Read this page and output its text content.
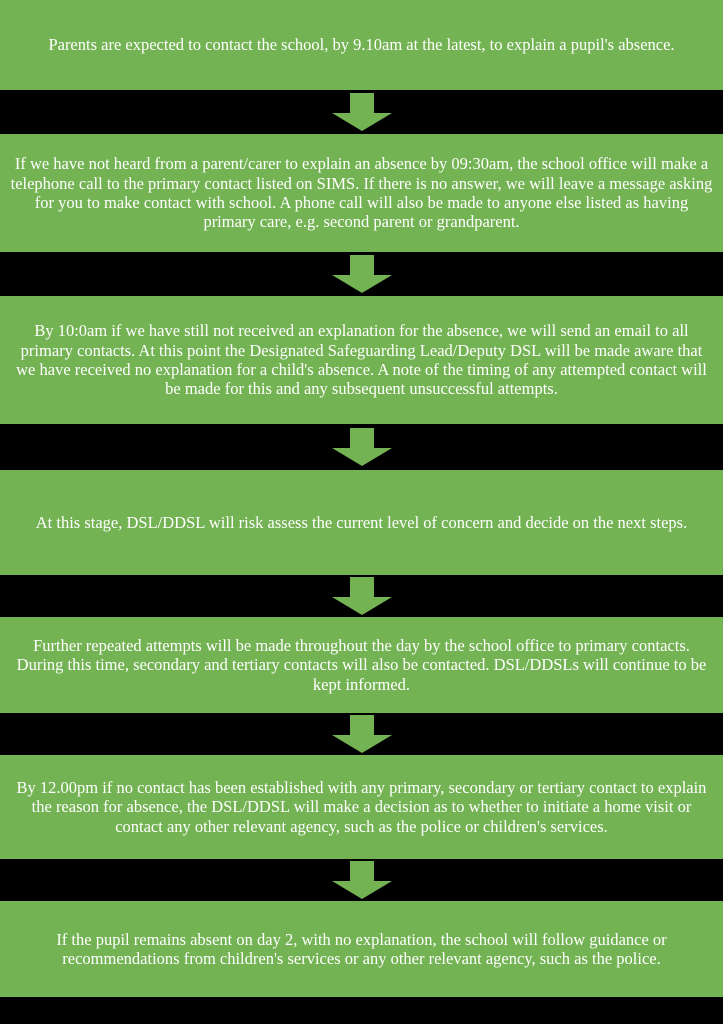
Parents are expected to contact the school, by 9.10am at the latest, to explain a pupil's absence.

If we have not heard from a parent/carer to explain an absence by 09:30am, the school office will make a telephone call to the primary contact listed on SIMS. If there is no answer, we will leave a message asking for you to make contact with school. A phone call will also be made to anyone else listed as having primary care, e.g. second parent or grandparent.

By 10:0am if we have still not received an explanation for the absence, we will send an email to all primary contacts. At this point the Designated Safeguarding Lead/Deputy DSL will be made aware that we have received no explanation for a child's absence. A note of the timing of any attempted contact will be made for this and any subsequent unsuccessful attempts.

At this stage, DSL/DDSL will risk assess the current level of concern and decide on the next steps.

Further repeated attempts will be made throughout the day by the school office to primary contacts. During this time, secondary and tertiary contacts will also be contacted. DSL/DDSLs will continue to be kept informed.

By 12.00pm if no contact has been established with any primary, secondary or tertiary contact to explain the reason for absence, the DSL/DDSL will make a decision as to whether to initiate a home visit or contact any other relevant agency, such as the police or children's services.

If the pupil remains absent on day 2, with no explanation, the school will follow guidance or recommendations from children's services or any other relevant agency, such as the police.
